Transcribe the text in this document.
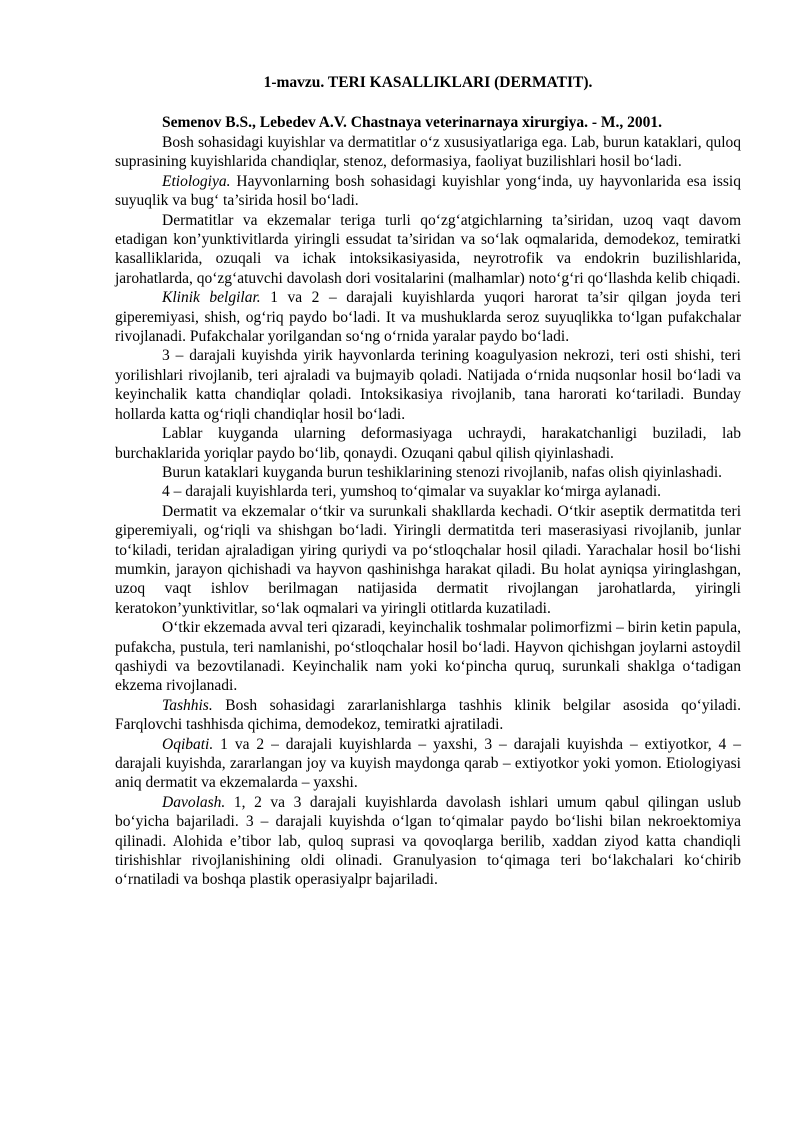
1-mavzu. TERI KASALLIKLARI (DERMATIT).

Semenov B.S., Lebedev A.V. Chastnaya veterinarnaya xirurgiya. - M., 2001.

Bosh sohasidagi kuyishlar va dermatitlar o‘z xususiyatlariga ega. Lab, burun kataklari, quloq suprasining kuyishlarida chandiqlar, stenoz, deformasiya, faoliyat buzilishlari hosil bo‘ladi.

Etiologiya. Hayvonlarning bosh sohasidagi kuyishlar yong‘inda, uy hayvonlarida esa issiq suyuqlik va bug‘ ta’sirida hosil bo‘ladi.

Dermatitlar va ekzemalar teriga turli qo‘zg‘atgichlarning ta’siridan, uzoq vaqt davom etadigan kon’yunktivitlarda yiringli essudat ta’siridan va so‘lak oqmalarida, demodekoz, temiratki kasalliklarida, ozuqali va ichak intoksikasiyasida, neyrotrofik va endokrin buzilishlarida, jarohatlarda, qo‘zg‘atuvchi davolash dori vositalarini (malhamlar) noto‘g‘ri qo‘llashda kelib chiqadi.

Klinik belgilar. 1 va 2 – darajali kuyishlarda yuqori harorat ta’sir qilgan joyda teri giperemiyasi, shish, og‘riq paydo bo‘ladi. It va mushuklarda seroz suyuqlikka to‘lgan pufakchalar rivojlanadi. Pufakchalar yorilgandan so‘ng o‘rnida yaralar paydo bo‘ladi.

3 – darajali kuyishda yirik hayvonlarda terining koagulyasion nekrozi, teri osti shishi, teri yorilishlari rivojlanib, teri ajraladi va bujmayib qoladi. Natijada o‘rnida nuqsonlar hosil bo‘ladi va keyinchalik katta chandiqlar qoladi. Intoksikasiya rivojlanib, tana harorati ko‘tariladi. Bunday hollarda katta og‘riqli chandiqlar hosil bo‘ladi.

Lablar kuyganda ularning deformasiyaga uchraydi, harakatchanligi buziladi, lab burchaklarida yoriqlar paydo bo‘lib, qonaydi. Ozuqani qabul qilish qiyinlashadi.

Burun kataklari kuyganda burun teshiklarining stenozi rivojlanib, nafas olish qiyinlashadi.

4 – darajali kuyishlarda teri, yumshoq to‘qimalar va suyaklar ko‘mirga aylanadi.

Dermatit va ekzemalar o‘tkir va surunkali shakllarda kechadi. O‘tkir aseptik dermatitda teri giperemiyali, og‘riqli va shishgan bo‘ladi. Yiringli dermatitda teri maserasiyasi rivojlanib, junlar to‘kiladi, teridan ajraladigan yiring quriydi va po‘stloqchalar hosil qiladi. Yarachalar hosil bo‘lishi mumkin, jarayon qichishadi va hayvon qashinishga harakat qiladi. Bu holat ayniqsa yiringlashgan, uzoq vaqt ishlov berilmagan natijasida dermatit rivojlangan jarohatlarda, yiringli keratokon’yunktivitlar, so‘lak oqmalari va yiringli otitlarda kuzatiladi.

O‘tkir ekzemada avval teri qizaradi, keyinchalik toshmalar polimorfizmi – birin ketin papula, pufakcha, pustula, teri namlanishi, po‘stloqchalar hosil bo‘ladi. Hayvon qichishgan joylarni astoydil qashiydi va bezovtilanadi. Keyinchalik nam yoki ko‘pincha quruq, surunkali shaklga o‘tadigan ekzema rivojlanadi.

Tashhis. Bosh sohasidagi zararlanishlarga tashhis klinik belgilar asosida qo‘yiladi. Farqlovchi tashhisda qichima, demodekoz, temiratki ajratiladi.

Oqibati. 1 va 2 – darajali kuyishlarda – yaxshi, 3 – darajali kuyishda – extiyotkor, 4 – darajali kuyishda, zararlangan joy va kuyish maydonga qarab – extiyotkor yoki yomon. Etiologiyasi aniq dermatit va ekzemalarda – yaxshi.

Davolash. 1, 2 va 3 darajali kuyishlarda davolash ishlari umum qabul qilingan uslub bo‘yicha bajariladi. 3 – darajali kuyishda o‘lgan to‘qimalar paydo bo‘lishi bilan nekroektomiya qilinadi. Alohida e’tibor lab, quloq suprasi va qovoqlarga berilib, xaddan ziyod katta chandiqli tirishishlar rivojlanishining oldi olinadi. Granulyasion to‘qimaga teri bo‘lakchalari ko‘chirib o‘rnatiladi va boshqa plastik operasiyalpr bajariladi.
